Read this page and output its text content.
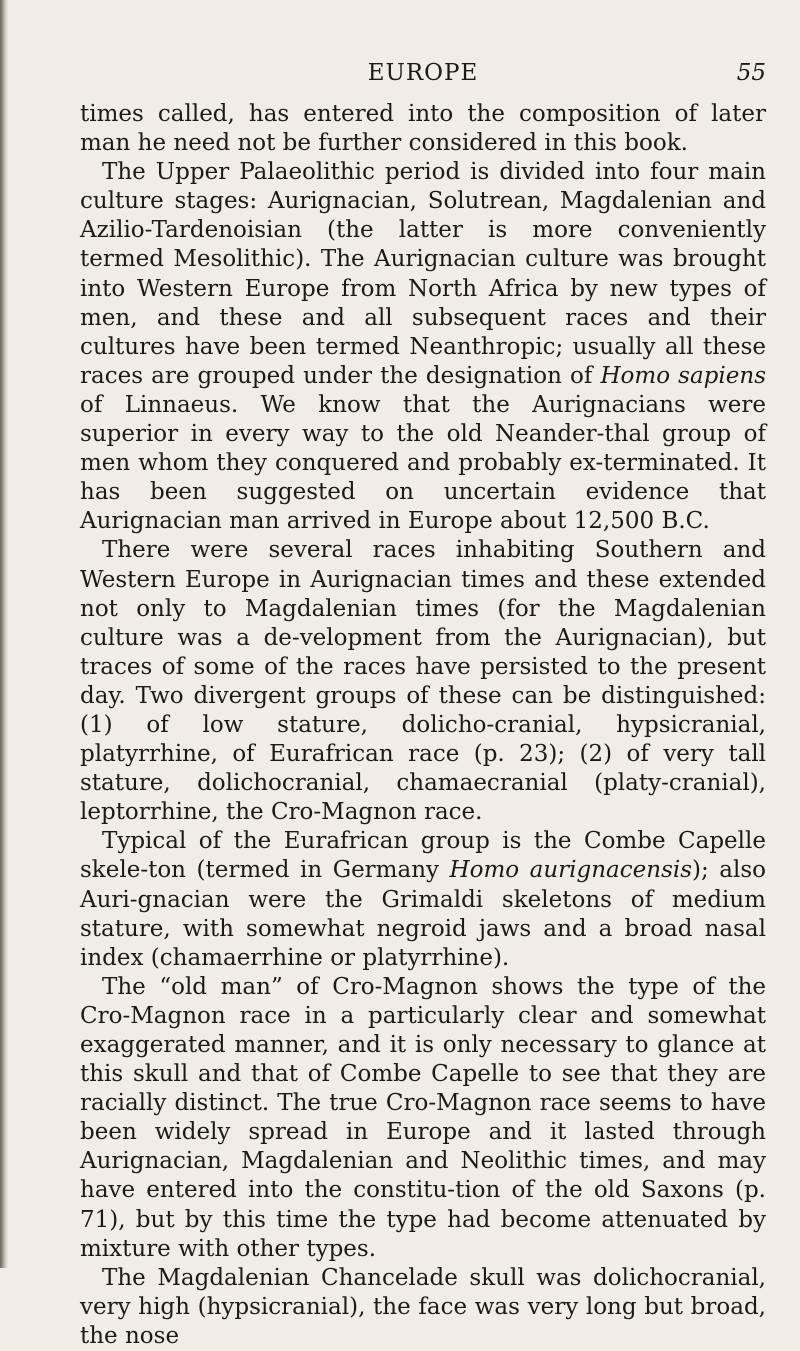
EUROPE	55

times called, has entered into the composition of later man he need not be further considered in this book.

The Upper Palaeolithic period is divided into four main culture stages: Aurignacian, Solutrean, Magdalenian and Azilio-Tardenoisian (the latter is more conveniently termed Mesolithic). The Aurignacian culture was brought into Western Europe from North Africa by new types of men, and these and all subsequent races and their cultures have been termed Neanthropic; usually all these races are grouped under the designation of Homo sapiens of Linnaeus. We know that the Aurignacians were superior in every way to the old Neander-thal group of men whom they conquered and probably ex-terminated. It has been suggested on uncertain evidence that Aurignacian man arrived in Europe about 12,500 B.C.

There were several races inhabiting Southern and Western Europe in Aurignacian times and these extended not only to Magdalenian times (for the Magdalenian culture was a de-velopment from the Aurignacian), but traces of some of the races have persisted to the present day. Two divergent groups of these can be distinguished: (1) of low stature, dolicho-cranial, hypsicranial, platyrrhine, of Eurafrican race (p. 23); (2) of very tall stature, dolichocranial, chamaecranial (platy-cranial), leptorrhine, the Cro-Magnon race.

Typical of the Eurafrican group is the Combe Capelle skele-ton (termed in Germany Homo aurignacensis); also Auri-gnacian were the Grimaldi skeletons of medium stature, with somewhat negroid jaws and a broad nasal index (chamaerrhine or platyrrhine).

The “old man” of Cro-Magnon shows the type of the Cro-Magnon race in a particularly clear and somewhat exaggerated manner, and it is only necessary to glance at this skull and that of Combe Capelle to see that they are racially distinct. The true Cro-Magnon race seems to have been widely spread in Europe and it lasted through Aurignacian, Magdalenian and Neolithic times, and may have entered into the constitu-tion of the old Saxons (p. 71), but by this time the type had become attenuated by mixture with other types.

The Magdalenian Chancelade skull was dolichocranial, very high (hypsicranial), the face was very long but broad, the nose
